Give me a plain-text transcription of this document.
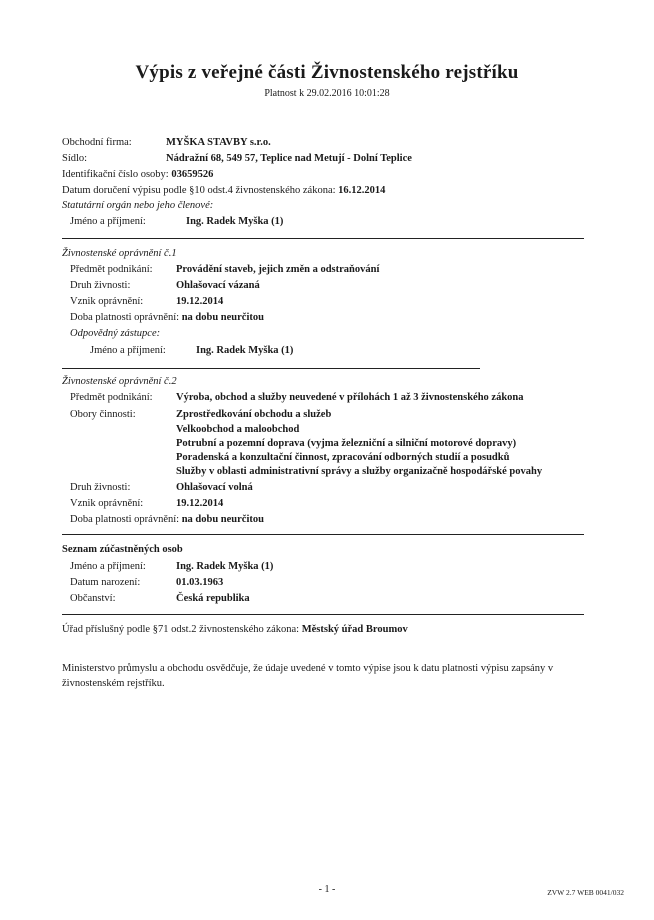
Výpis z veřejné části Živnostenského rejstříku
Platnost k 29.02.2016 10:01:28
Obchodní firma:	MYŠKA STAVBY s.r.o.
Sídlo:	Nádražní 68, 549 57, Teplice nad Metují - Dolní Teplice
Identifikační číslo osoby: 03659526
Datum doručení výpisu podle §10 odst.4 živnostenského zákona: 16.12.2014
Statutární orgán nebo jeho členové:
Jméno a příjmení:	Ing. Radek Myška (1)
Živnostenské oprávnění č.1
Předmět podnikání: Provádění staveb, jejich změn a odstraňování
Druh živnosti:	Ohlašovací vázaná
Vznik oprávnění:	19.12.2014
Doba platnosti oprávnění: na dobu neurčitou
Odpovědný zástupce:
Jméno a příjmení:	Ing. Radek Myška (1)
Živnostenské oprávnění č.2
Předmět podnikání: Výroba, obchod a služby neuvedené v přílohách 1 až 3 živnostenského zákona
Obory činnosti:	Zprostředkování obchodu a služeb
Velkoobchod a maloobchod
Potrubní a pozemní doprava (vyjma železniční a silniční motorové dopravy)
Poradenská a konzultační činnost, zpracování odborných studií a posudků
Služby v oblasti administrativní správy a služby organizačně hospodářské povahy
Druh živnosti:	Ohlašovací volná
Vznik oprávnění:	19.12.2014
Doba platnosti oprávnění: na dobu neurčitou
Seznam zúčastněných osob
Jméno a příjmení:	Ing. Radek Myška (1)
Datum narození:	01.03.1963
Občanství:	Česká republika
Úřad příslušný podle §71 odst.2 živnostenského zákona: Městský úřad Broumov
Ministerstvo průmyslu a obchodu osvědčuje, že údaje uvedené v tomto výpise jsou k datu platnosti výpisu zapsány v živnostenském rejstříku.
- 1 -	ZVW 2.7 WEB 0041/032
